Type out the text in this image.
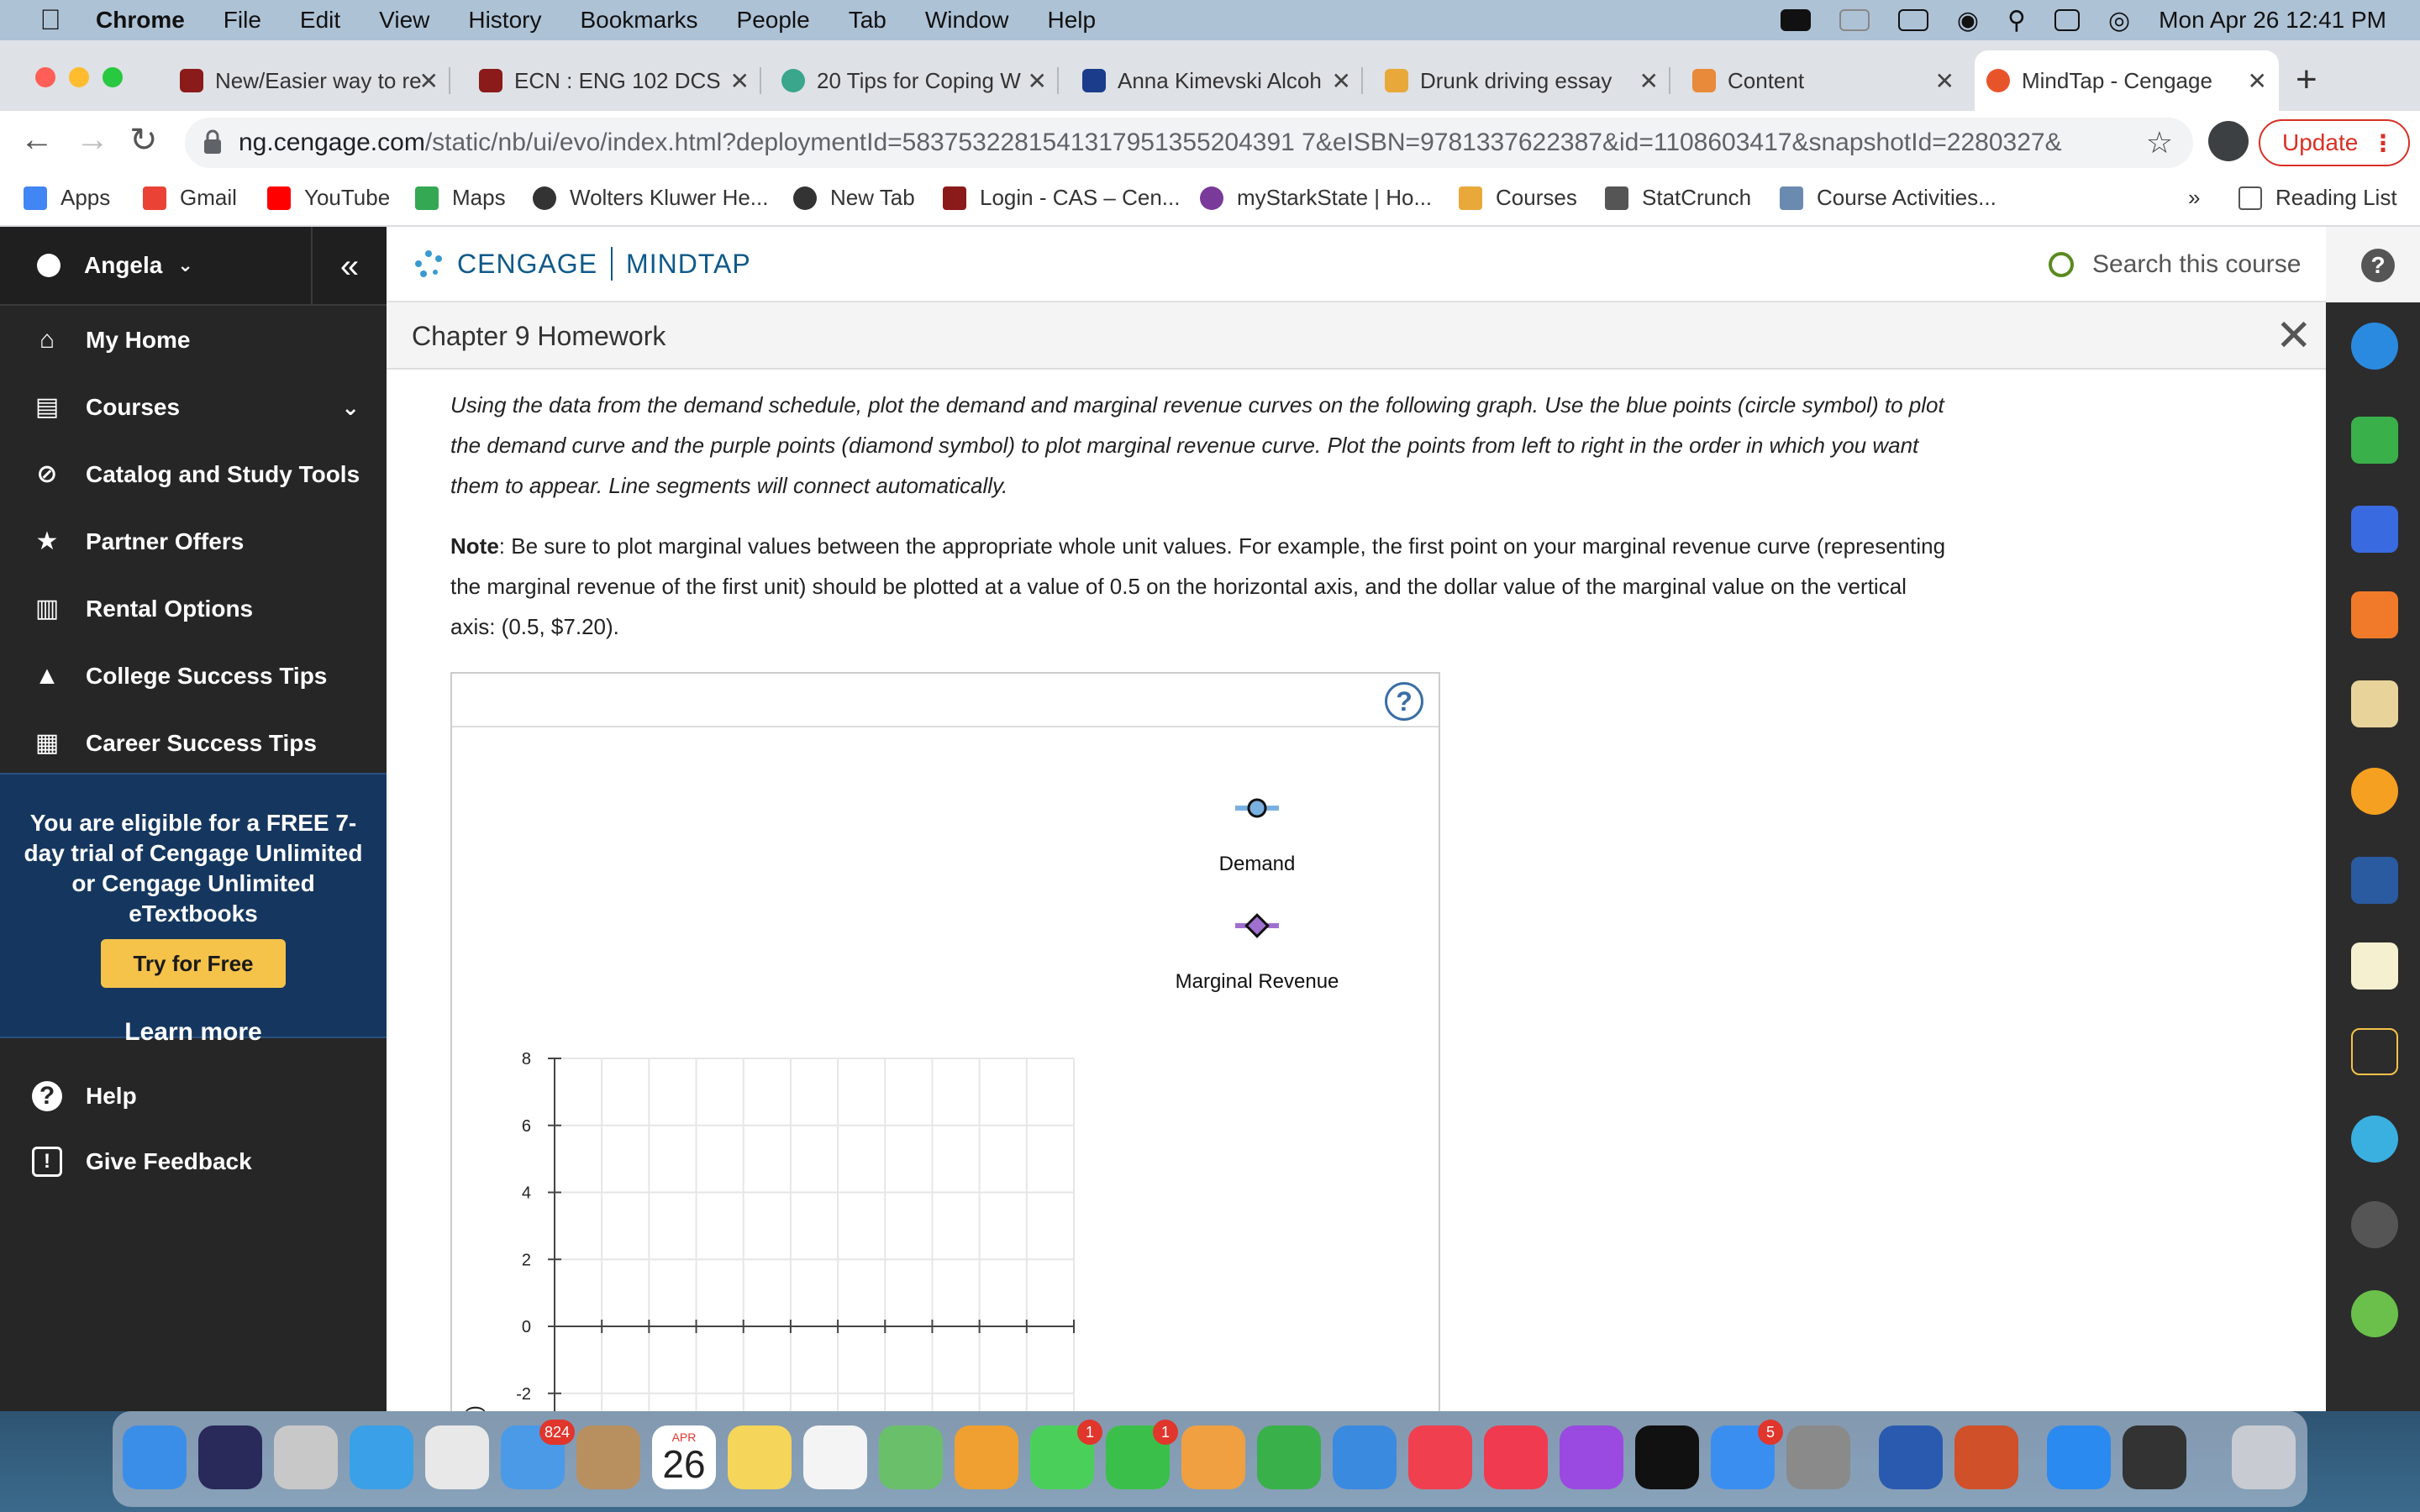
Chrome File Edit View History Bookmarks People Tab Window Help	◉ ⚲	◎ Mon Apr 26 12:41 PM
New/Easier way to re
✕	ECN : ENG 102 DCS ✕	20 Tips for Coping W ✕	Anna Kimevski Alcoh ✕	Drunk driving essay ✕	Content	✕	MindTap - Cengage ✕ +
← → ↻	ng.cengage.com /static/nb/ui/evo/index.html?deploymentId=5837532281541317951355204391 7&eISBN=9781337622387&id=1108603417&snapshotId=2280327&	☆	Update ⋮
Apps	Gmail	YouTube	Maps	Wolters Kluwer He...	New Tab	Login - CAS – Cen...	myStarkState | Ho...	Courses	StatCrunch	Course Activities...	»	Reading List
Angela ⌄	«
⌂	My Home
▤ Courses	⌄
⊘ Catalog and Study Tools
★ Partner Offers
▥ Rental Options
▲ College Success Tips
▦ Career Success Tips
You are eligible for a FREE 7-day trial of Cengage Unlimited or Cengage Unlimited eTextbooks
Try for Free
Learn more
?	Help
!	Give Feedback
CENGAGE MINDTAP	Search this course
Chapter 9 Homework	✕

Using the data from the demand schedule, plot the demand and marginal revenue curves on the following graph. Use the blue points (circle symbol) to plot the demand curve and the purple points (diamond symbol) to plot marginal revenue curve. Plot the points from left to right in the order in which you want them to appear. Line segments will connect automatically.

Note: Be sure to plot marginal values between the appropriate whole unit values. For example, the first point on your marginal revenue curve (representing the marginal revenue of the first unit) should be plotted at a value of 0.5 on the horizontal axis, and the dollar value of the marginal value on the vertical axis: (0.5, $7.20).

?
8
6
4
2
0
-2
Demand
Marginal Revenue
?
824	APR
26
1	1	5
